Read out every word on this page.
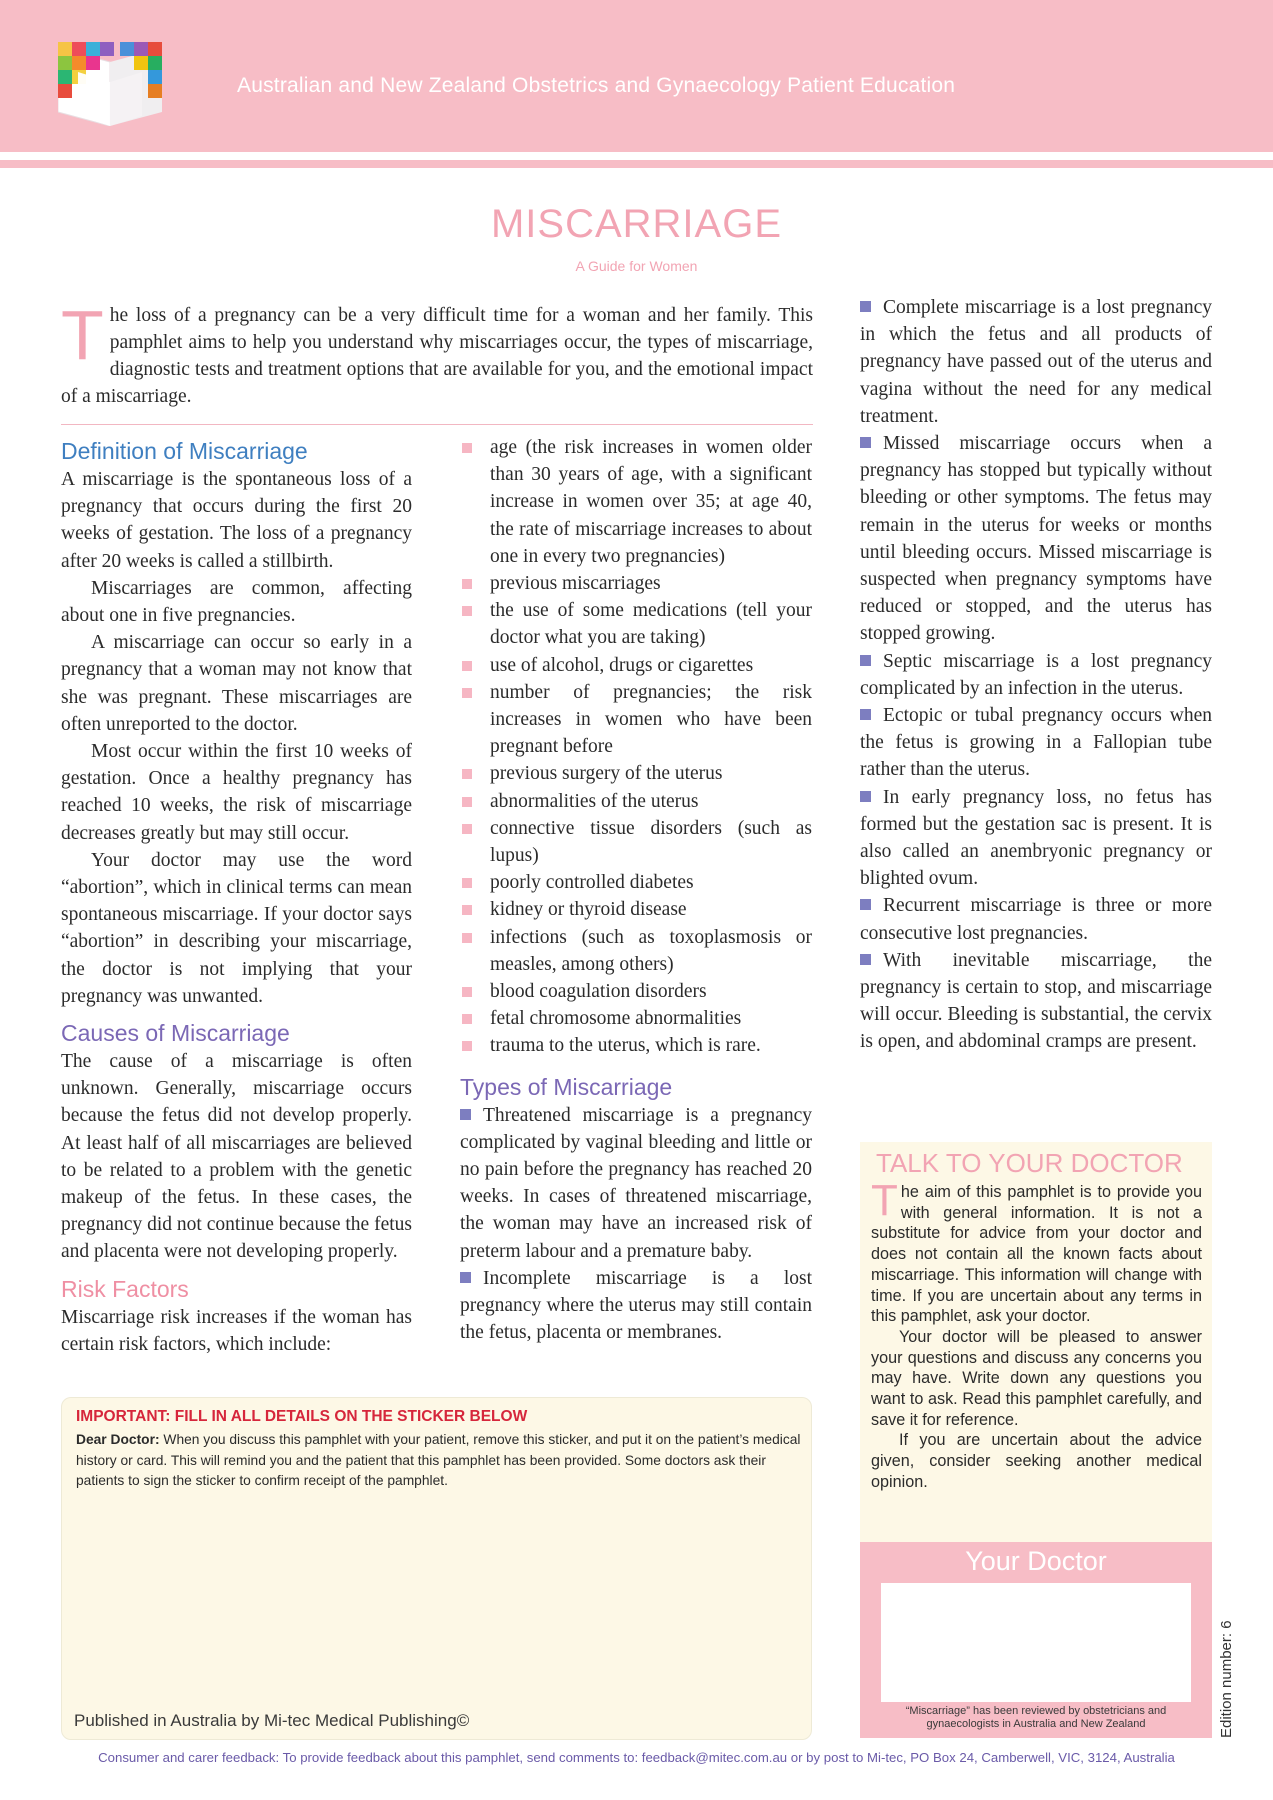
Australian and New Zealand Obstetrics and Gynaecology Patient Education
MISCARRIAGE
A Guide for Women
The loss of a pregnancy can be a very difficult time for a woman and her family. This pamphlet aims to help you understand why miscarriages occur, the types of miscarriage, diagnostic tests and treatment options that are available for you, and the emotional impact of a miscarriage.
Definition of Miscarriage

A miscarriage is the spontaneous loss of a pregnancy that occurs during the first 20 weeks of gestation. The loss of a pregnancy after 20 weeks is called a stillbirth.

Miscarriages are common, affecting about one in five pregnancies.

A miscarriage can occur so early in a pregnancy that a woman may not know that she was pregnant. These miscarriages are often unreported to the doctor.

Most occur within the first 10 weeks of gestation. Once a healthy pregnancy has reached 10 weeks, the risk of miscarriage decreases greatly but may still occur.

Your doctor may use the word “abortion”, which in clinical terms can mean spontaneous miscarriage. If your doctor says “abortion” in describing your miscarriage, the doctor is not implying that your pregnancy was unwanted.

Causes of Miscarriage

The cause of a miscarriage is often unknown. Generally, miscarriage occurs because the fetus did not develop properly. At least half of all miscarriages are believed to be related to a problem with the genetic makeup of the fetus. In these cases, the pregnancy did not continue because the fetus and placenta were not developing properly.

Risk Factors

Miscarriage risk increases if the woman has certain risk factors, which include:

age (the risk increases in women older than 30 years of age, with a significant increase in women over 35; at age 40, the rate of miscarriage increases to about one in every two pregnancies)
previous miscarriages
the use of some medications (tell your doctor what you are taking)
use of alcohol, drugs or cigarettes
number of pregnancies; the risk increases in women who have been pregnant before
previous surgery of the uterus
abnormalities of the uterus
connective tissue disorders (such as lupus)
poorly controlled diabetes
kidney or thyroid disease
infections (such as toxoplasmosis or measles, among others)
blood coagulation disorders
fetal chromosome abnormalities
trauma to the uterus, which is rare.
Types of Miscarriage

Threatened miscarriage is a pregnancy complicated by vaginal bleeding and little or no pain before the pregnancy has reached 20 weeks. In cases of threatened miscarriage, the woman may have an increased risk of preterm labour and a premature baby.

Incomplete miscarriage is a lost pregnancy where the uterus may still contain the fetus, placenta or membranes.

Complete miscarriage is a lost pregnancy in which the fetus and all products of pregnancy have passed out of the uterus and vagina without the need for any medical treatment.

Missed miscarriage occurs when a pregnancy has stopped but typically without bleeding or other symptoms. The fetus may remain in the uterus for weeks or months until bleeding occurs. Missed miscarriage is suspected when pregnancy symptoms have reduced or stopped, and the uterus has stopped growing.

Septic miscarriage is a lost pregnancy complicated by an infection in the uterus.

Ectopic or tubal pregnancy occurs when the fetus is growing in a Fallopian tube rather than the uterus.

In early pregnancy loss, no fetus has formed but the gestation sac is present. It is also called an anembryonic pregnancy or blighted ovum.

Recurrent miscarriage is three or more consecutive lost pregnancies.

With inevitable miscarriage, the pregnancy is certain to stop, and miscarriage will occur. Bleeding is substantial, the cervix is open, and abdominal cramps are present.

TALK TO YOUR DOCTOR

The aim of this pamphlet is to provide you with general information. It is not a substitute for advice from your doctor and does not contain all the known facts about miscarriage. This information will change with time. If you are uncertain about any terms in this pamphlet, ask your doctor.

Your doctor will be pleased to answer your questions and discuss any concerns you may have. Write down any questions you want to ask. Read this pamphlet carefully, and save it for reference.

If you are uncertain about the advice given, consider seeking another medical opinion.

Your Doctor
“Miscarriage” has been reviewed by obstetricians and gynaecologists in Australia and New Zealand	Edition number: 6
IMPORTANT: FILL IN ALL DETAILS ON THE STICKER BELOW
Dear Doctor: When you discuss this pamphlet with your patient, remove this sticker, and put it on the patient’s medical history or card. This will remind you and the patient that this pamphlet has been provided. Some doctors ask their patients to sign the sticker to confirm receipt of the pamphlet.
Published in Australia by Mi-tec Medical Publishing©
Consumer and carer feedback: To provide feedback about this pamphlet, send comments to: feedback@mitec.com.au or by post to Mi-tec, PO Box 24, Camberwell, VIC, 3124, Australia
